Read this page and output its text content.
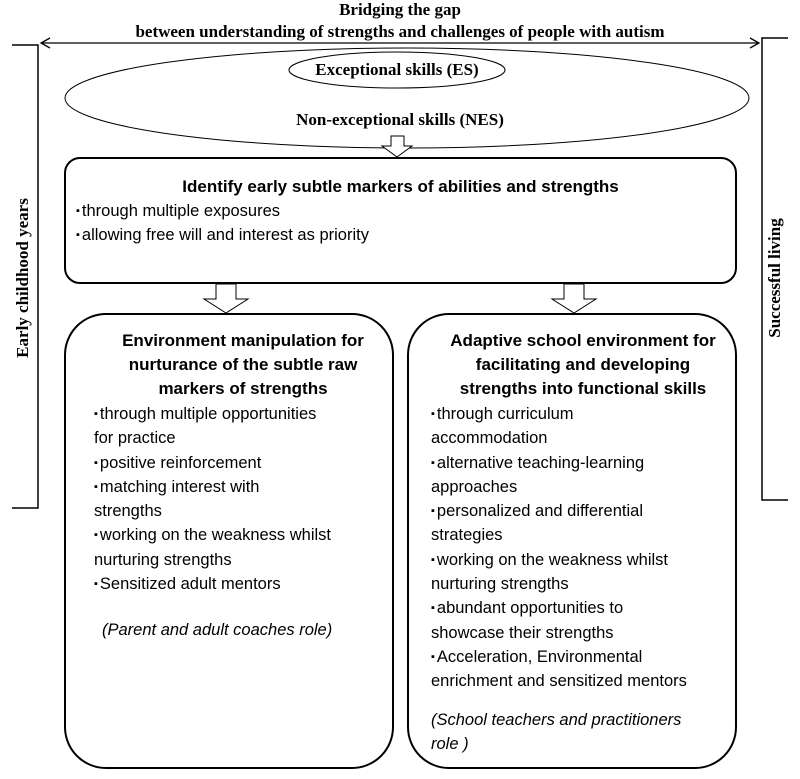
Bridging the gap
between understanding of strengths and challenges of people with autism
Exceptional skills (ES)
Non-exceptional skills (NES)
Early childhood years	Successful living

Identify early subtle markers of abilities and strengths

▪ through multiple exposures
▪ allowing free will and interest as priority

Environment manipulation for

nurturance of the subtle raw

markers of strengths

▪ through multiple opportunities
for practice
▪ positive reinforcement
▪ matching interest with
strengths
▪ working on the weakness whilst
nurturing strengths
▪ Sensitized adult mentors
(Parent and adult coaches role)

Adaptive school environment for

facilitating and developing

strengths into functional skills

▪ through curriculum
accommodation
▪ alternative teaching-learning
approaches
▪ personalized and differential
strategies
▪ working on the weakness whilst
nurturing strengths
▪ abundant opportunities to
showcase their strengths
▪ Acceleration, Environmental
enrichment and sensitized mentors
(School teachers and practitioners
role )
